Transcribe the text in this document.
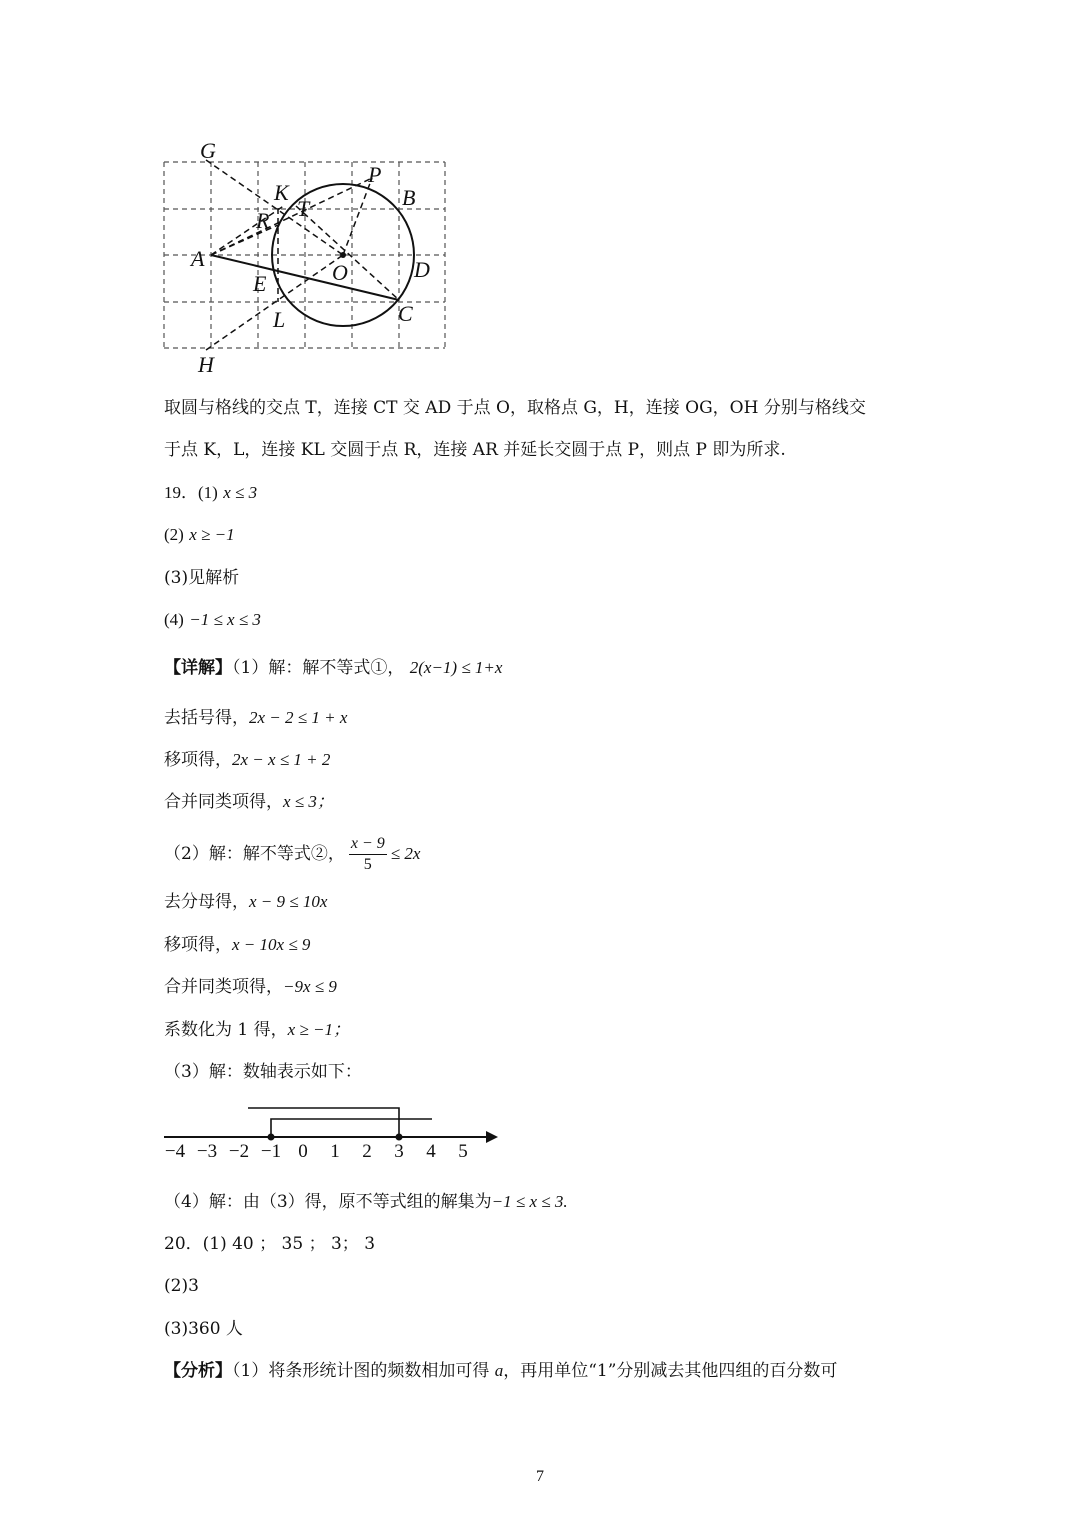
G
H
K
R T
P
B
A
O	D
E
L	C
取圆与格线的交点 T，连接 CT 交 AD 于点 O，取格点 G，H，连接 OG，OH 分别与格线交
于点 K，L，连接 KL 交圆于点 R，连接 AR 并延长交圆于点 P，则点 P 即为所求.
19．(1) x ≤ 3
(2) x ≥ −1
(3)见解析
(4) −1 ≤ x ≤ 3
【详解】（1）解：解不等式①， 2(x−1) ≤ 1+x
去括号得，2x − 2 ≤ 1 + x
移项得，2x − x ≤ 1 + 2
合并同类项得，x ≤ 3；
（2）解：解不等式②， $\frac{x - 9}{5} \le 2x$
去分母得，x − 9 ≤ 10x
移项得，x − 10x ≤ 9
合并同类项得，−9x ≤ 9
系数化为 1 得，x ≥ −1；
（3）解：数轴表示如下：
−4 −3 −2 −1 0 1 2 3 4 5
（4）解：由（3）得，原不等式组的解集为−1 ≤ x ≤ 3.
20．(1) 40 ； 35 ； 3； 3
(2)3
(3)360 人
【分析】（1）将条形统计图的频数相加可得 a，再用单位“1”分别减去其他四组的百分数可
7
